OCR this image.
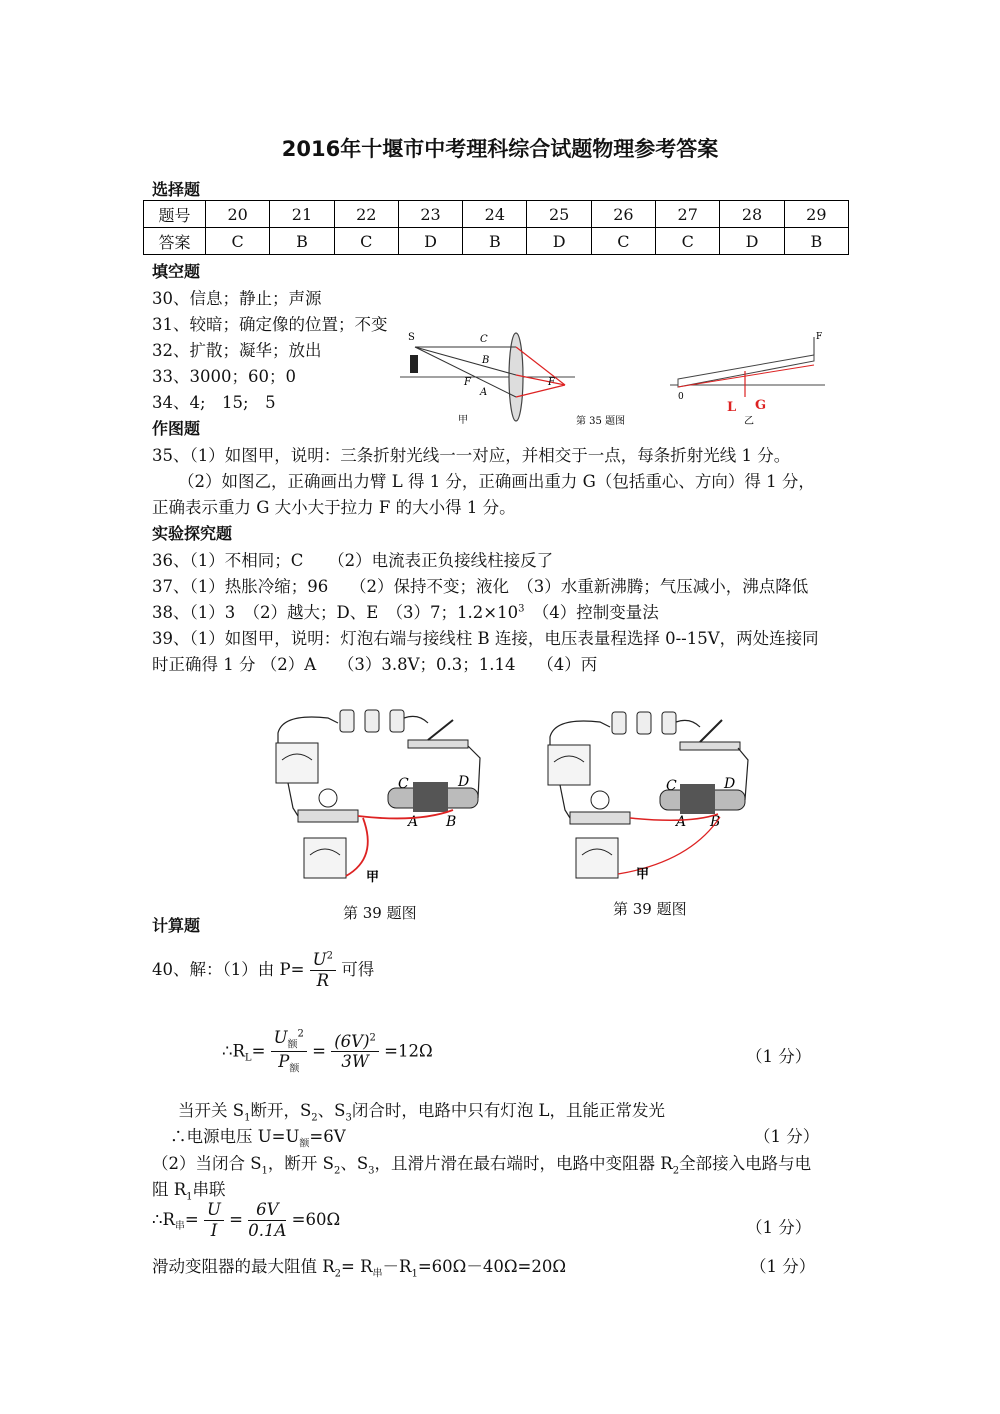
2016年十堰市中考理科综合试题物理参考答案
选择题
题号	20	21	22	23	24	25	26	27	28	29
答案	C	B	C	D	B	D	C	C	D	B
填空题
30、信息；静止；声源
31、较暗；确定像的位置；不变
32、扩散；凝华；放出
33、3000；60；0
34、4;　15;　5
S	C
B
F
A
F
甲	第 35 题图
F
0
L G
乙
作图题
35、（1）如图甲，说明：三条折射光线一一对应，并相交于一点，每条折射光线 1 分。
（2）如图乙，正确画出力臂 L 得 1 分，正确画出重力 G（包括重心、方向）得 1 分，
正确表示重力 G 大小大于拉力 F 的大小得 1 分。
实验探究题
36、（1）不相同；C　　（2）电流表正负接线柱接反了
37、（1）热胀冷缩；96　 （2）保持不变；液化　（3）水重新沸腾；气压减小，沸点降低
38、（1）3　（2）越大；D、E　（3）7；$1.2\times 10^3$　（4）控制变量法
39、（1）如图甲，说明：灯泡右端与接线柱 B 连接，电压表量程选择 0--15V，两处连接同
时正确得 1 分 （2）A　 （3）3.8V；0.3；1.14　 （4）丙
C	D
A B
甲
第 39 题图
C	D
A B
甲
第 39 题图
计算题
40、解：（1）由 $P= \frac{U^2}{R}$ 可得
$\therefore R_L= \frac{U_额^2}{P_额} = \frac{(6V)^2}{3W} =12\Omega$	（1 分）
当开关 $S_1$断开，$S_2$、$S_3$闭合时，电路中只有灯泡 L，且能正常发光
∴电源电压 $U=U_额=6V$	（1 分）
（2）当闭合 $S_1$，断开 $S_2$、$S_3$，且滑片滑在最右端时，电路中变阻器 $R_2$全部接入电路与电
阻 $R_1$串联
$\therefore R_串= \frac{U}{I} = \frac{6V}{0.1A} =60\Omega$	（1 分）
滑动变阻器的最大阻值 $R_2= R_串-R_1=60\Omega-40\Omega=20\Omega$	（1 分）
